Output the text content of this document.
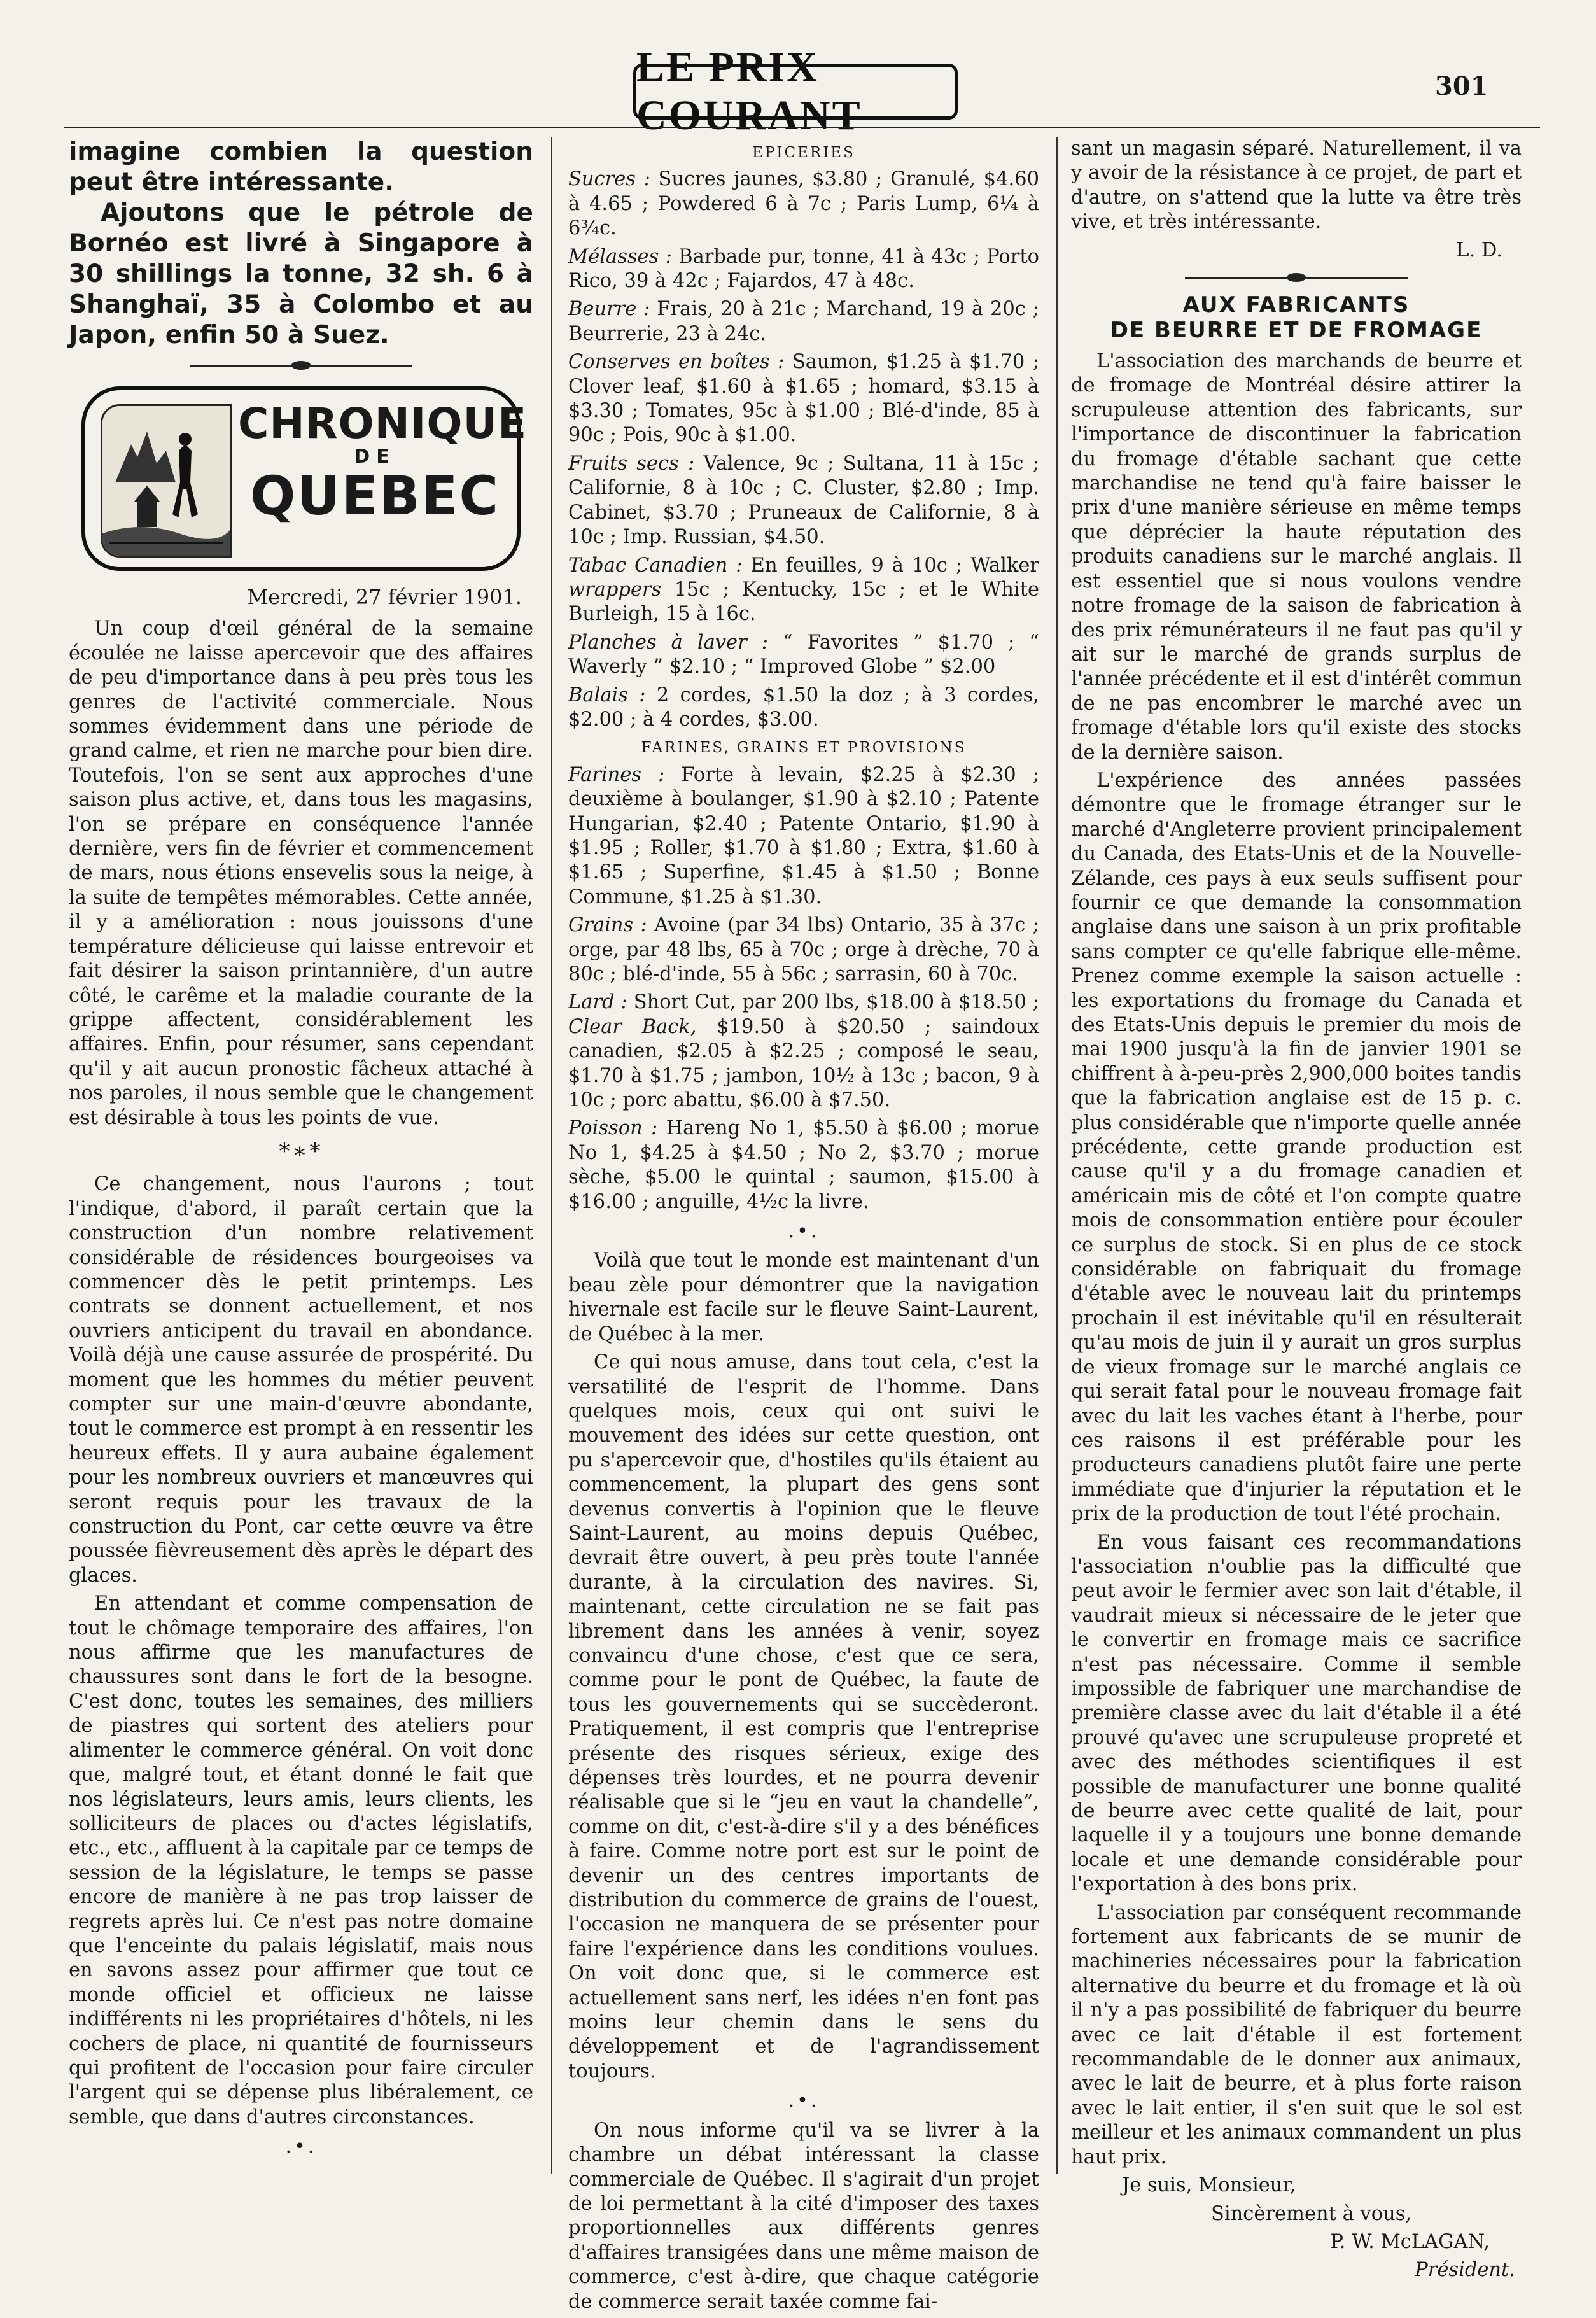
LE PRIX COURANT
301

imagine combien la question peut être intéressante.

Ajoutons que le pétrole de Bornéo est livré à Singapore à 30 shillings la tonne, 32 sh. 6 à Shanghaï, 35 à Colombo et au Japon, enfin 50 à Suez.

CHRONIQUE
DE
QUEBEC
Mercredi, 27 février 1901.

Un coup d'œil général de la semaine écoulée ne laisse apercevoir que des affaires de peu d'importance dans à peu près tous les genres de l'activité commerciale. Nous sommes évidemment dans une période de grand calme, et rien ne marche pour bien dire. Toutefois, l'on se sent aux approches d'une saison plus active, et, dans tous les magasins, l'on se prépare en conséquence l'année dernière, vers fin de février et commencement de mars, nous étions ensevelis sous la neige, à la suite de tempêtes mémorables. Cette année, il y a amélioration : nous jouissons d'une température délicieuse qui laisse entrevoir et fait désirer la saison printannière, d'un autre côté, le carême et la maladie courante de la grippe affectent, considérablement les affaires. Enfin, pour résumer, sans cependant qu'il y ait aucun pronostic fâcheux attaché à nos paroles, il nous semble que le changement est désirable à tous les points de vue.

*∗*

Ce changement, nous l'aurons ; tout l'indique, d'abord, il paraît certain que la construction d'un nombre relativement considérable de résidences bourgeoises va commencer dès le petit printemps. Les contrats se donnent actuellement, et nos ouvriers anticipent du travail en abondance. Voilà déjà une cause assurée de prospérité. Du moment que les hommes du métier peuvent compter sur une main-d'œuvre abondante, tout le commerce est prompt à en ressentir les heureux effets. Il y aura aubaine également pour les nombreux ouvriers et manœuvres qui seront requis pour les travaux de la construction du Pont, car cette œuvre va être poussée fièvreusement dès après le départ des glaces.

En attendant et comme compensation de tout le chômage temporaire des affaires, l'on nous affirme que les manufactures de chaussures sont dans le fort de la besogne. C'est donc, toutes les semaines, des milliers de piastres qui sortent des ateliers pour alimenter le commerce général. On voit donc que, malgré tout, et étant donné le fait que nos législateurs, leurs amis, leurs clients, les solliciteurs de places ou d'actes législatifs, etc., etc., affluent à la capitale par ce temps de session de la législature, le temps se passe encore de manière à ne pas trop laisser de regrets après lui. Ce n'est pas notre domaine que l'enceinte du palais législatif, mais nous en savons assez pour affirmer que tout ce monde officiel et officieux ne laisse indifférents ni les propriétaires d'hôtels, ni les cochers de place, ni quantité de fournisseurs qui profitent de l'occasion pour faire circuler l'argent qui se dépense plus libéralement, ce semble, que dans d'autres circonstances.

.•.
EPICERIES

Sucres : Sucres jaunes, $3.80 ; Granulé, $4.60 à 4.65 ; Powdered 6 à 7c ; Paris Lump, 6¼ à 6¾c.

Mélasses : Barbade pur, tonne, 41 à 43c ; Porto Rico, 39 à 42c ; Fajardos, 47 à 48c.

Beurre : Frais, 20 à 21c ; Marchand, 19 à 20c ; Beurrerie, 23 à 24c.

Conserves en boîtes : Saumon, $1.25 à $1.70 ; Clover leaf, $1.60 à $1.65 ; homard, $3.15 à $3.30 ; Tomates, 95c à $1.00 ; Blé-d'inde, 85 à 90c ; Pois, 90c à $1.00.

Fruits secs : Valence, 9c ; Sultana, 11 à 15c ; Californie, 8 à 10c ; C. Cluster, $2.80 ; Imp. Cabinet, $3.70 ; Pruneaux de Californie, 8 à 10c ; Imp. Russian, $4.50.

Tabac Canadien : En feuilles, 9 à 10c ; Walker wrappers 15c ; Kentucky, 15c ; et le White Burleigh, 15 à 16c.

Planches à laver : “ Favorites ” $1.70 ; “ Waverly ” $2.10 ; “ Improved Globe ” $2.00

Balais : 2 cordes, $1.50 la doz ; à 3 cordes, $2.00 ; à 4 cordes, $3.00.

FARINES, GRAINS ET PROVISIONS

Farines : Forte à levain, $2.25 à $2.30 ; deuxième à boulanger, $1.90 à $2.10 ; Patente Hungarian, $2.40 ; Patente Ontario, $1.90 à $1.95 ; Roller, $1.70 à $1.80 ; Extra, $1.60 à $1.65 ; Superfine, $1.45 à $1.50 ; Bonne Commune, $1.25 à $1.30.

Grains : Avoine (par 34 lbs) Ontario, 35 à 37c ; orge, par 48 lbs, 65 à 70c ; orge à drèche, 70 à 80c ; blé-d'inde, 55 à 56c ; sarrasin, 60 à 70c.

Lard : Short Cut, par 200 lbs, $18.00 à $18.50 ; Clear Back, $19.50 à $20.50 ; saindoux canadien, $2.05 à $2.25 ; composé le seau, $1.70 à $1.75 ; jambon, 10½ à 13c ; bacon, 9 à 10c ; porc abattu, $6.00 à $7.50.

Poisson : Hareng No 1, $5.50 à $6.00 ; morue No 1, $4.25 à $4.50 ; No 2, $3.70 ; morue sèche, $5.00 le quintal ; saumon, $15.00 à $16.00 ; anguille, 4½c la livre.

.•.

Voilà que tout le monde est maintenant d'un beau zèle pour démontrer que la navigation hivernale est facile sur le fleuve Saint-Laurent, de Québec à la mer.

Ce qui nous amuse, dans tout cela, c'est la versatilité de l'esprit de l'homme. Dans quelques mois, ceux qui ont suivi le mouvement des idées sur cette question, ont pu s'apercevoir que, d'hostiles qu'ils étaient au commencement, la plupart des gens sont devenus convertis à l'opinion que le fleuve Saint-Laurent, au moins depuis Québec, devrait être ouvert, à peu près toute l'année durante, à la circulation des navires. Si, maintenant, cette circulation ne se fait pas librement dans les années à venir, soyez convaincu d'une chose, c'est que ce sera, comme pour le pont de Québec, la faute de tous les gouvernements qui se succèderont. Pratiquement, il est compris que l'entreprise présente des risques sérieux, exige des dépenses très lourdes, et ne pourra devenir réalisable que si le “jeu en vaut la chandelle”, comme on dit, c'est-à-dire s'il y a des bénéfices à faire. Comme notre port est sur le point de devenir un des centres importants de distribution du commerce de grains de l'ouest, l'occasion ne manquera de se présenter pour faire l'expérience dans les conditions voulues. On voit donc que, si le commerce est actuellement sans nerf, les idées n'en font pas moins leur chemin dans le sens du développement et de l'agrandissement toujours.

.•.

On nous informe qu'il va se livrer à la chambre un débat intéressant la classe commerciale de Québec. Il s'agirait d'un projet de loi permettant à la cité d'imposer des taxes proportionnelles aux différents genres d'affaires transigées dans une même maison de commerce, c'est à-dire, que chaque catégorie de commerce serait taxée comme fai-

sant un magasin séparé. Naturellement, il va y avoir de la résistance à ce projet, de part et d'autre, on s'attend que la lutte va être très vive, et très intéressante.

L. D.
AUX FABRICANTS
DE BEURRE ET DE FROMAGE

L'association des marchands de beurre et de fromage de Montréal désire attirer la scrupuleuse attention des fabricants, sur l'importance de discontinuer la fabrication du fromage d'étable sachant que cette marchandise ne tend qu'à faire baisser le prix d'une manière sérieuse en même temps que déprécier la haute réputation des produits canadiens sur le marché anglais. Il est essentiel que si nous voulons vendre notre fromage de la saison de fabrication à des prix rémunérateurs il ne faut pas qu'il y ait sur le marché de grands surplus de l'année précédente et il est d'intérêt commun de ne pas encombrer le marché avec un fromage d'étable lors qu'il existe des stocks de la dernière saison.

L'expérience des années passées démontre que le fromage étranger sur le marché d'Angleterre provient principalement du Canada, des Etats-Unis et de la Nouvelle-Zélande, ces pays à eux seuls suffisent pour fournir ce que demande la consommation anglaise dans une saison à un prix profitable sans compter ce qu'elle fabrique elle-même. Prenez comme exemple la saison actuelle : les exportations du fromage du Canada et des Etats-Unis depuis le premier du mois de mai 1900 jusqu'à la fin de janvier 1901 se chiffrent à à-peu-près 2,900,000 boites tandis que la fabrication anglaise est de 15 p. c. plus considérable que n'importe quelle année précédente, cette grande production est cause qu'il y a du fromage canadien et américain mis de côté et l'on compte quatre mois de consommation entière pour écouler ce surplus de stock. Si en plus de ce stock considérable on fabriquait du fromage d'étable avec le nouveau lait du printemps prochain il est inévitable qu'il en résulterait qu'au mois de juin il y aurait un gros surplus de vieux fromage sur le marché anglais ce qui serait fatal pour le nouveau fromage fait avec du lait les vaches étant à l'herbe, pour ces raisons il est préférable pour les producteurs canadiens plutôt faire une perte immédiate que d'injurier la réputation et le prix de la production de tout l'été prochain.

En vous faisant ces recommandations l'association n'oublie pas la difficulté que peut avoir le fermier avec son lait d'étable, il vaudrait mieux si nécessaire de le jeter que le convertir en fromage mais ce sacrifice n'est pas nécessaire. Comme il semble impossible de fabriquer une marchandise de première classe avec du lait d'étable il a été prouvé qu'avec une scrupuleuse propreté et avec des méthodes scientifiques il est possible de manufacturer une bonne qualité de beurre avec cette qualité de lait, pour laquelle il y a toujours une bonne demande locale et une demande considérable pour l'exportation à des bons prix.

L'association par conséquent recommande fortement aux fabricants de se munir de machineries nécessaires pour la fabrication alternative du beurre et du fromage et là où il n'y a pas possibilité de fabriquer du beurre avec ce lait d'étable il est fortement recommandable de le donner aux animaux, avec le lait de beurre, et à plus forte raison avec le lait entier, il s'en suit que le sol est meilleur et les animaux commandent un plus haut prix.

Je suis, Monsieur,

Sincèrement à vous,

P. W. McLAGAN,

Président.
